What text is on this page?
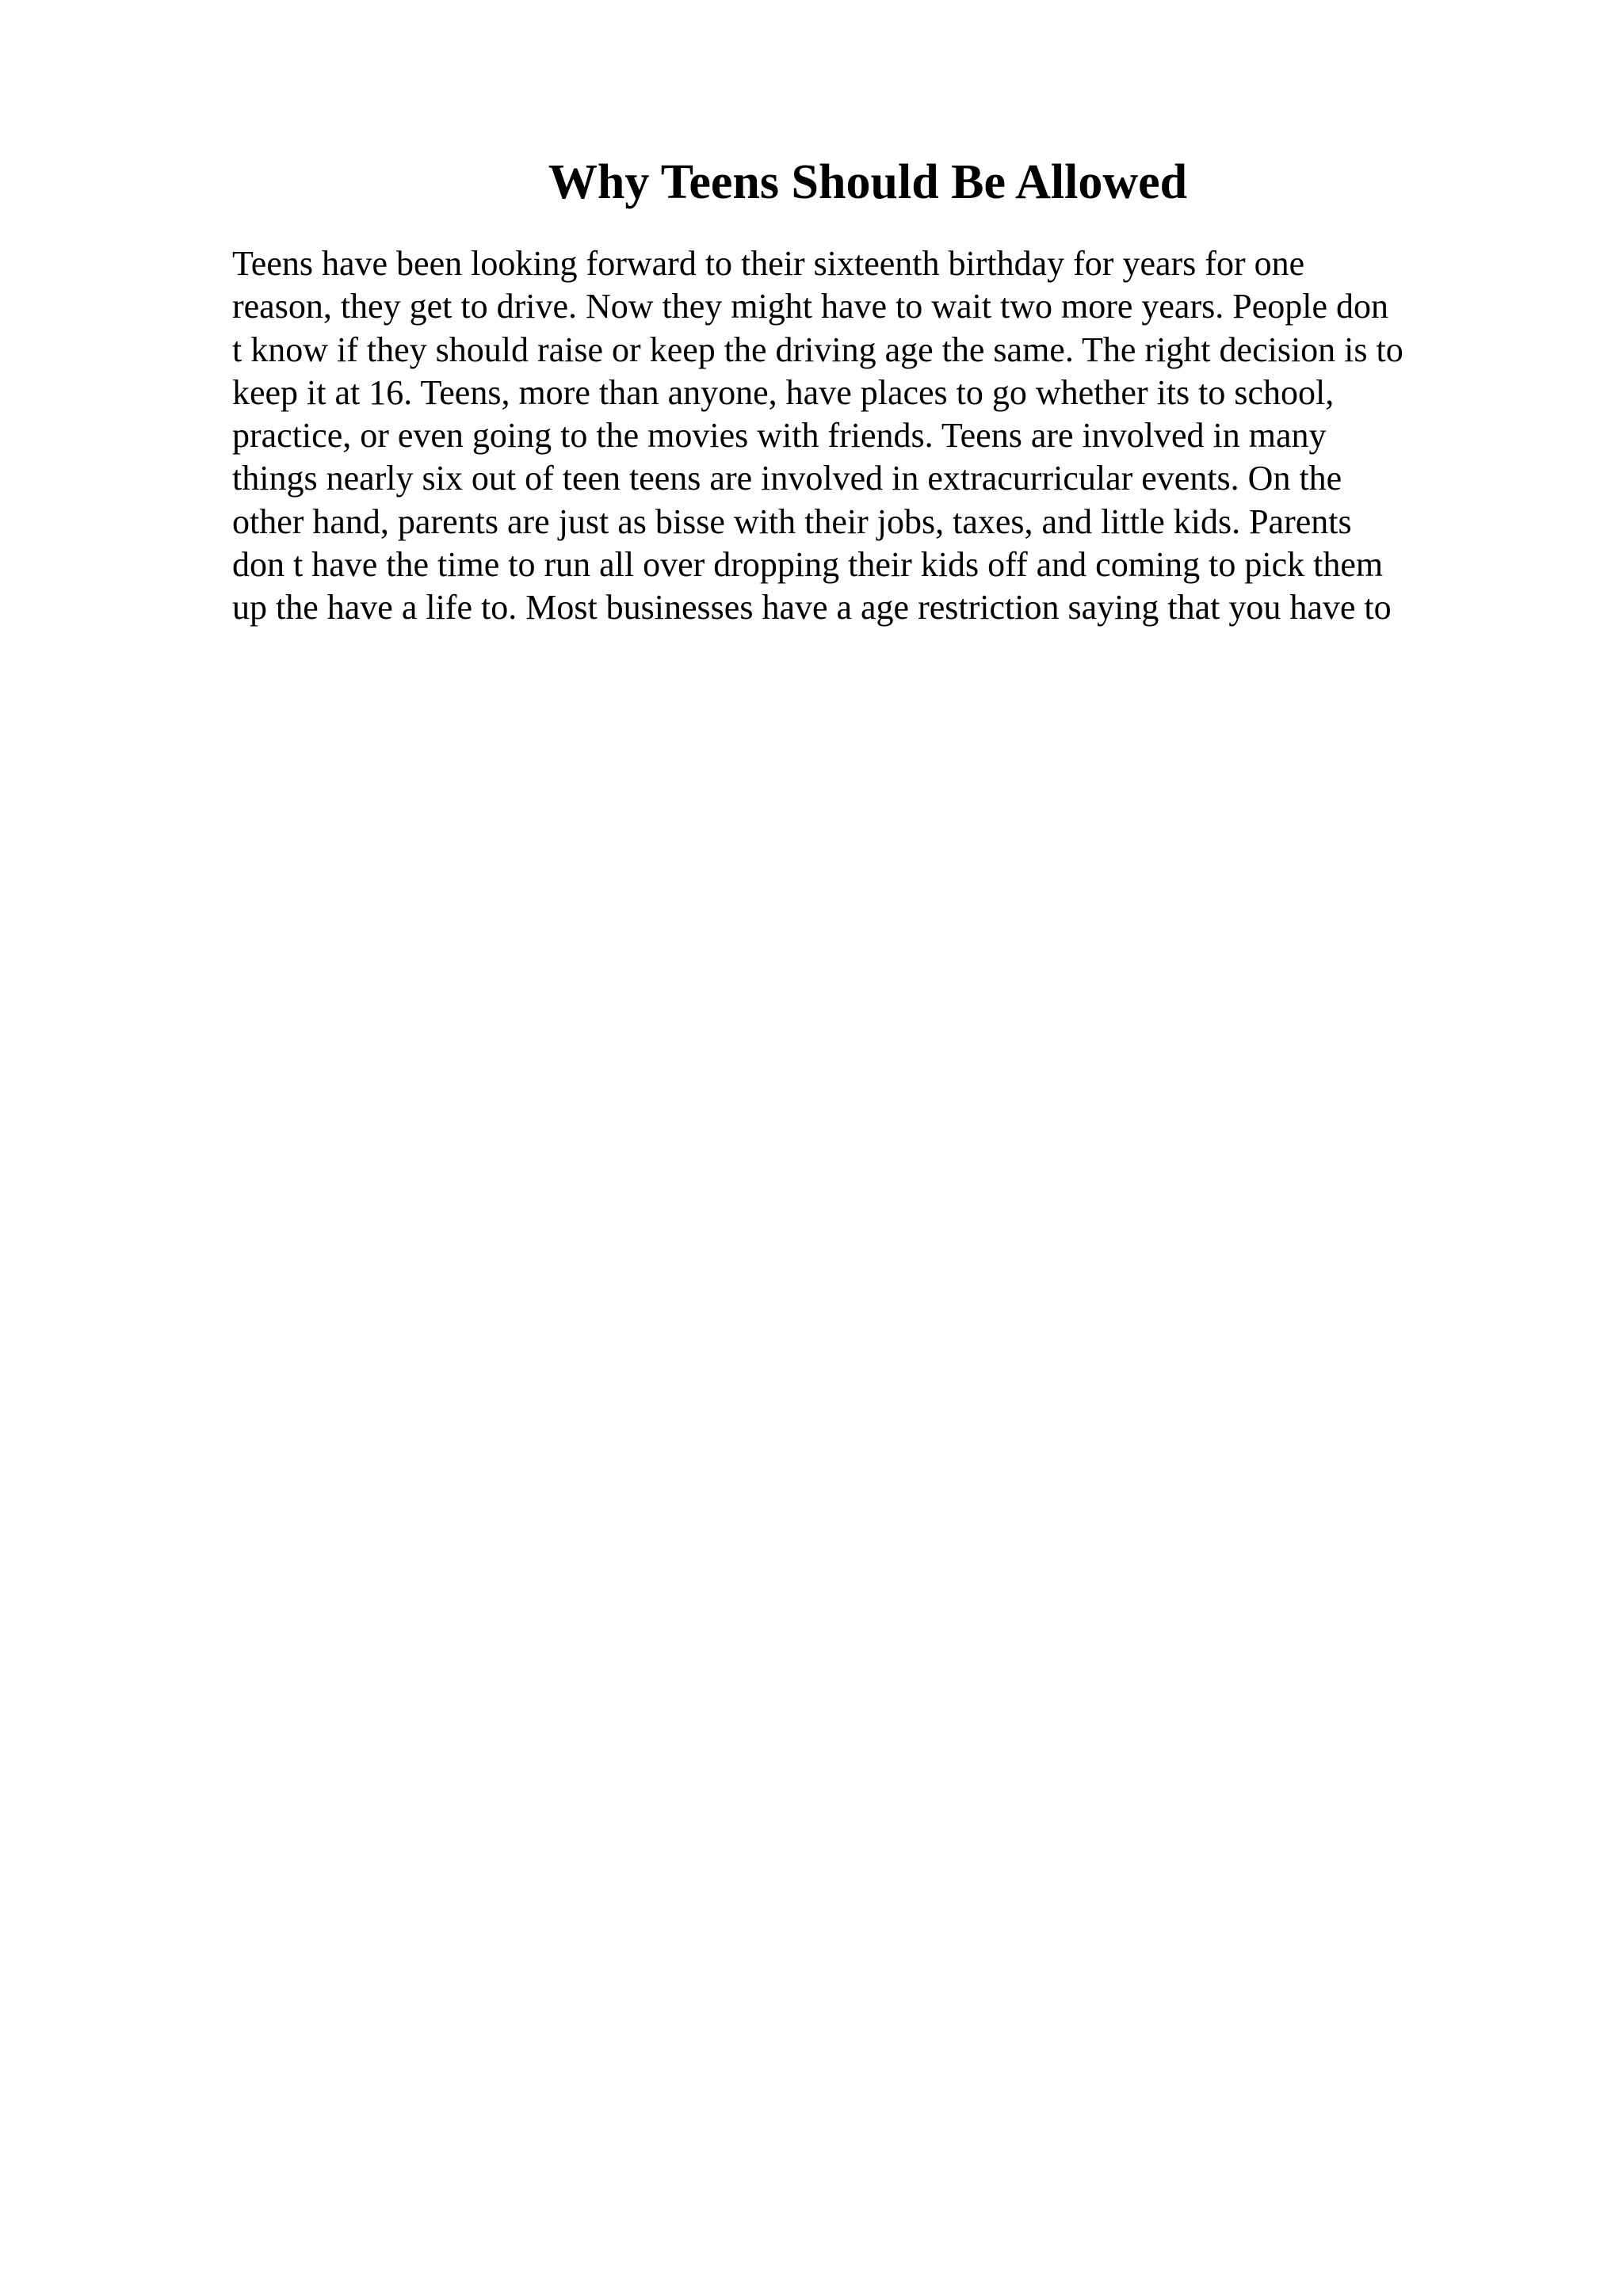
Why Teens Should Be Allowed
Teens have been looking forward to their sixteenth birthday for years for one
reason, they get to drive. Now they might have to wait two more years. People don
t know if they should raise or keep the driving age the same. The right decision is to
keep it at 16. Teens, more than anyone, have places to go whether its to school,
practice, or even going to the movies with friends. Teens are involved in many
things nearly six out of teen teens are involved in extracurricular events. On the
other hand, parents are just as bisse with their jobs, taxes, and little kids. Parents
don t have the time to run all over dropping their kids off and coming to pick them
up the have a life to. Most businesses have a age restriction saying that you have to
